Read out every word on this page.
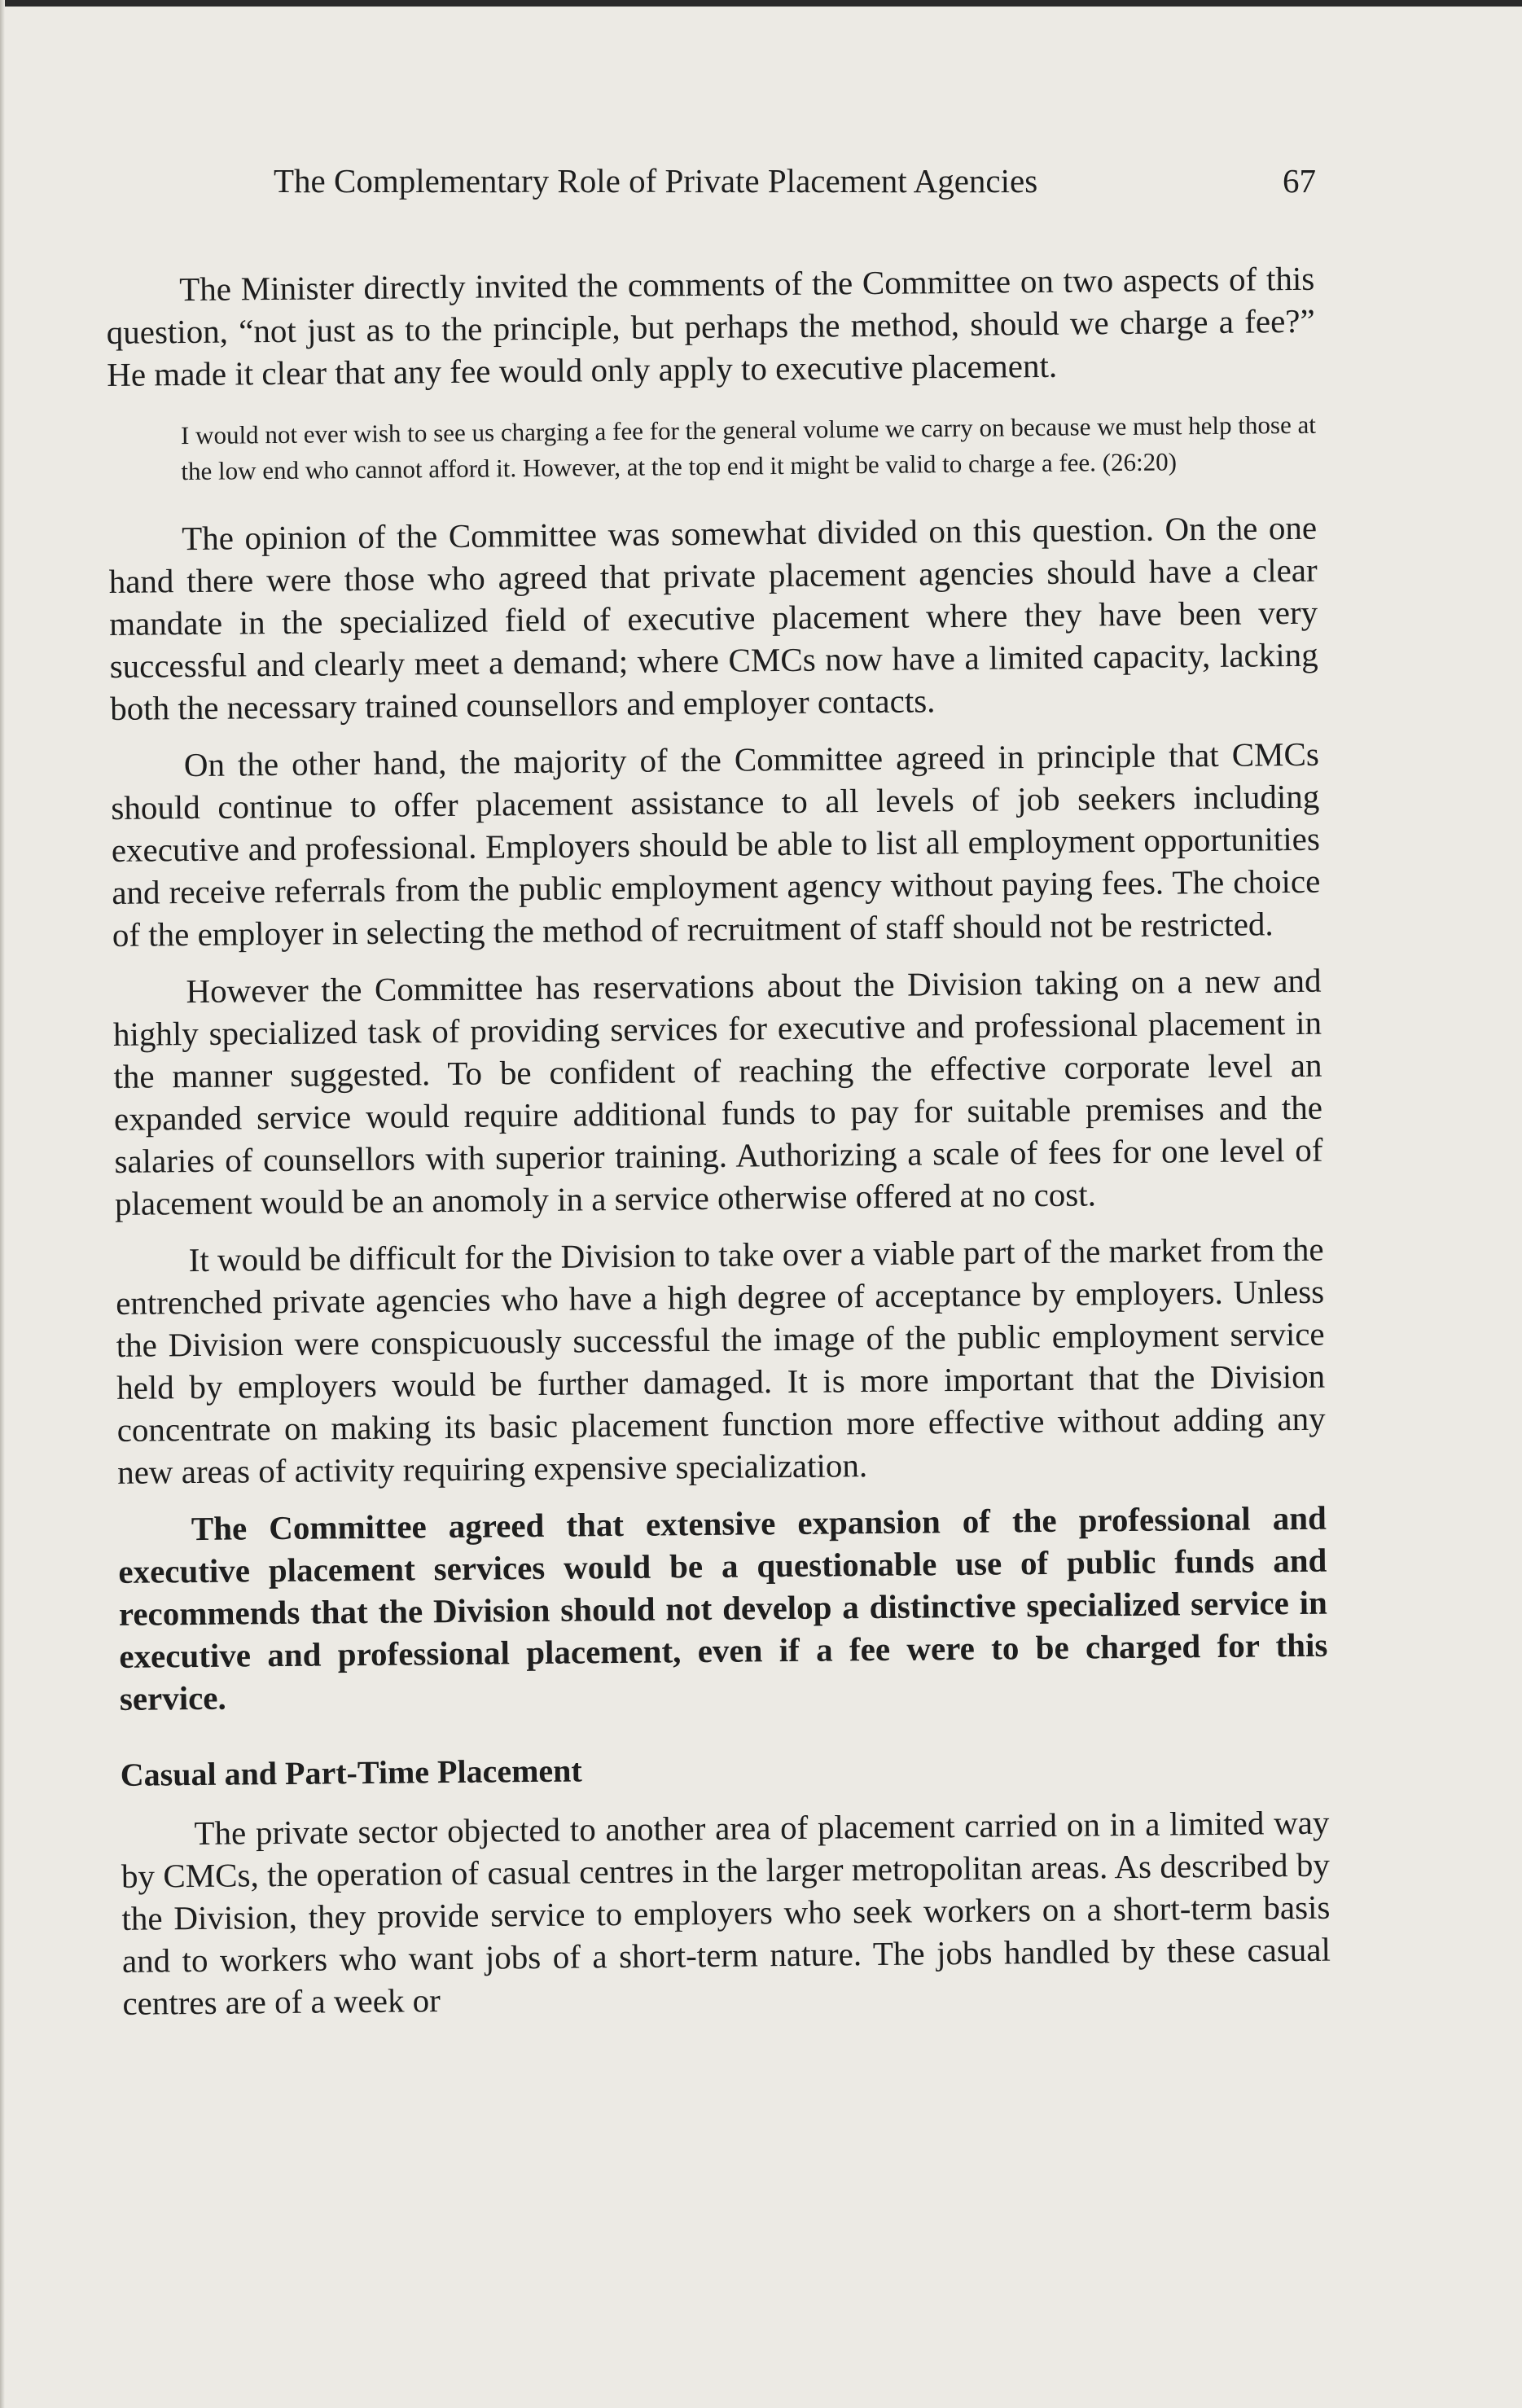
The Complementary Role of Private Placement Agencies	67

The Minister directly invited the comments of the Committee on two aspects of this question, “not just as to the principle, but perhaps the method, should we charge a fee?” He made it clear that any fee would only apply to executive placement.

I would not ever wish to see us charging a fee for the general volume we carry on because we must help those at the low end who cannot afford it. However, at the top end it might be valid to charge a fee. (26:20)

The opinion of the Committee was somewhat divided on this question. On the one hand there were those who agreed that private placement agencies should have a clear mandate in the specialized field of executive placement where they have been very successful and clearly meet a demand; where CMCs now have a limited capacity, lacking both the necessary trained counsellors and employer contacts.

On the other hand, the majority of the Committee agreed in principle that CMCs should continue to offer placement assistance to all levels of job seekers including executive and professional. Employers should be able to list all employment opportunities and receive referrals from the public employment agency without paying fees. The choice of the employer in selecting the method of recruitment of staff should not be restricted.

However the Committee has reservations about the Division taking on a new and highly specialized task of providing services for executive and professional placement in the manner suggested. To be confident of reaching the effective corporate level an expanded service would require additional funds to pay for suitable premises and the salaries of counsellors with superior training. Authorizing a scale of fees for one level of placement would be an anomoly in a service otherwise offered at no cost.

It would be difficult for the Division to take over a viable part of the market from the entrenched private agencies who have a high degree of acceptance by employers. Unless the Division were conspicuously successful the image of the public employment service held by employers would be further damaged. It is more important that the Division concentrate on making its basic placement function more effective without adding any new areas of activity requiring expensive specialization.

The Committee agreed that extensive expansion of the professional and executive placement services would be a questionable use of public funds and recommends that the Division should not develop a distinctive specialized service in executive and professional placement, even if a fee were to be charged for this service.

Casual and Part-Time Placement

The private sector objected to another area of placement carried on in a limited way by CMCs, the operation of casual centres in the larger metropolitan areas. As described by the Division, they provide service to employers who seek workers on a short-term basis and to workers who want jobs of a short-term nature. The jobs handled by these casual centres are of a week or
